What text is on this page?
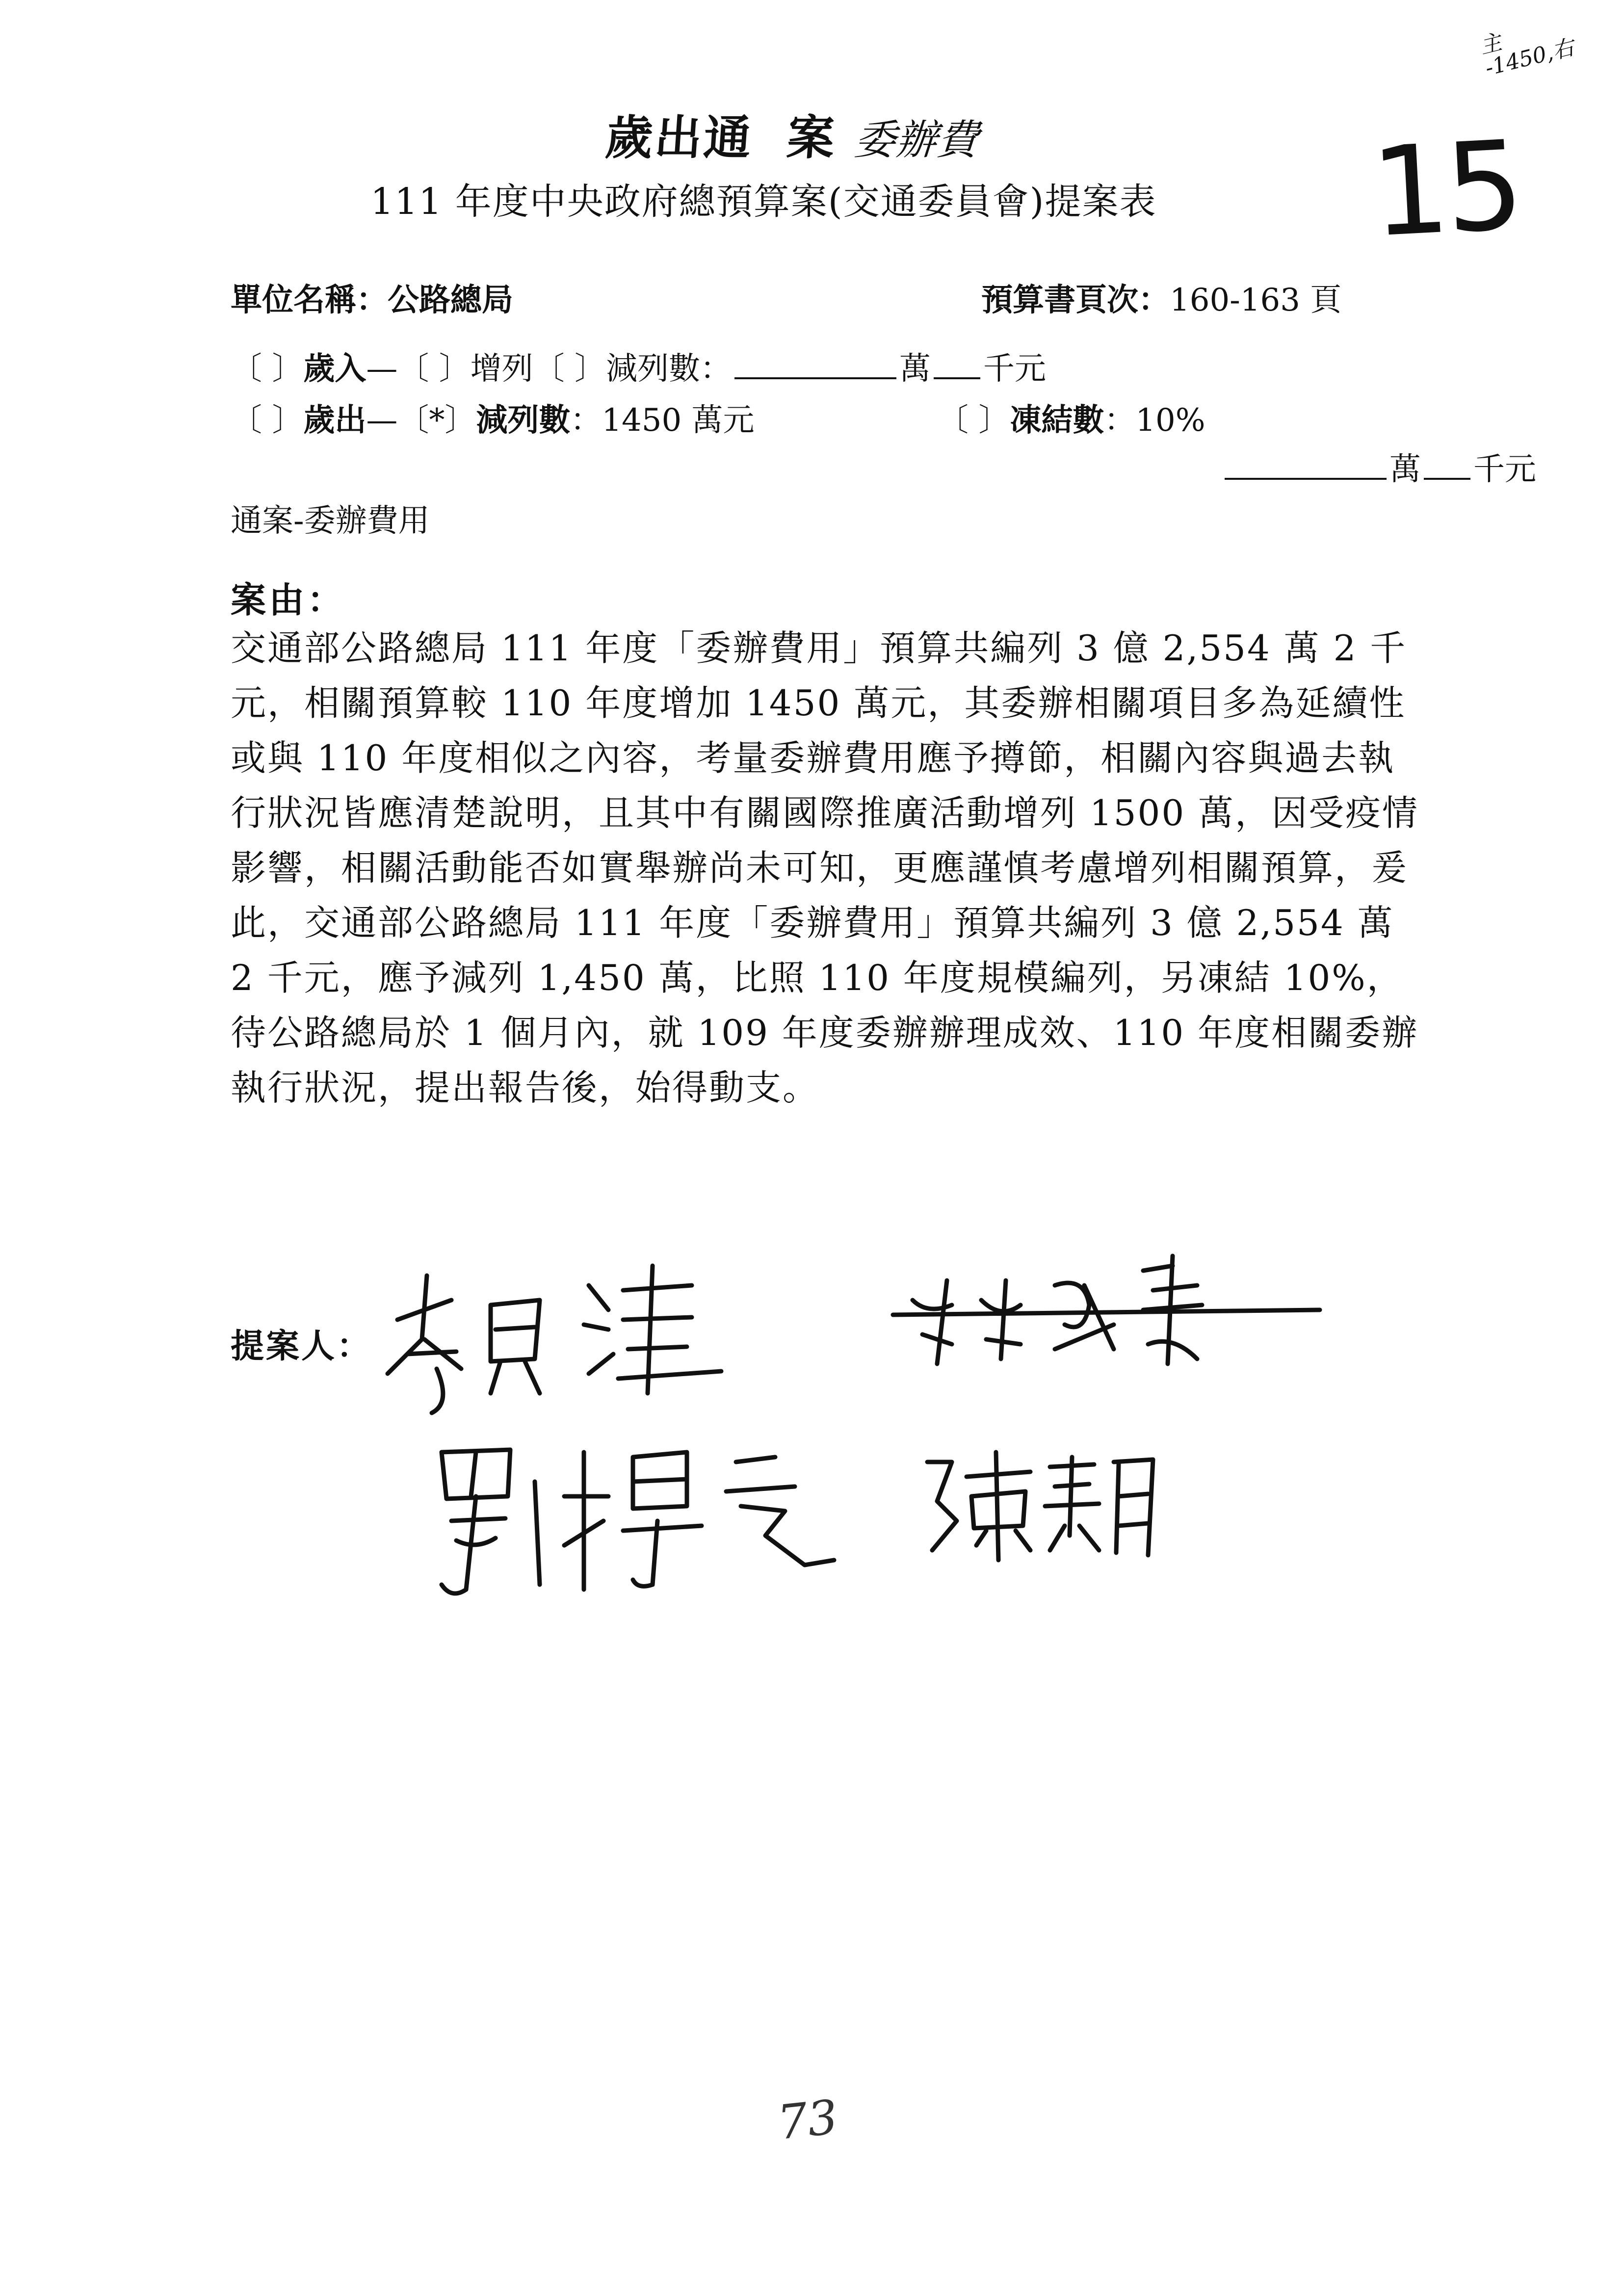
歲出通 案 委辦費
111 年度中央政府總預算案(交通委員會)提案表
主
-1450,右
15
單位名稱：公路總局	預算書頁次：160-163 頁
〔 〕歲入—〔 〕增列〔 〕減列數：	萬 千元
〔 〕歲出—〔*〕減列數：1450 萬元	〔 〕凍結數：10%
萬 千元
通案-委辦費用
案由：
交通部公路總局 111 年度「委辦費用」預算共編列 3 億 2,554 萬 2 千元，相關預算較 110 年度增加 1450 萬元，其委辦相關項目多為延續性或與 110 年度相似之內容，考量委辦費用應予撙節，相關內容與過去執行狀況皆應清楚說明，且其中有關國際推廣活動增列 1500 萬，因受疫情影響，相關活動能否如實舉辦尚未可知，更應謹慎考慮增列相關預算，爰此，交通部公路總局 111 年度「委辦費用」預算共編列 3 億 2,554 萬 2 千元，應予減列 1,450 萬，比照 110 年度規模編列，另凍結 10%，待公路總局於 1 個月內，就 109 年度委辦辦理成效、110 年度相關委辦執行狀況，提出報告後，始得動支。
提案人：
73
